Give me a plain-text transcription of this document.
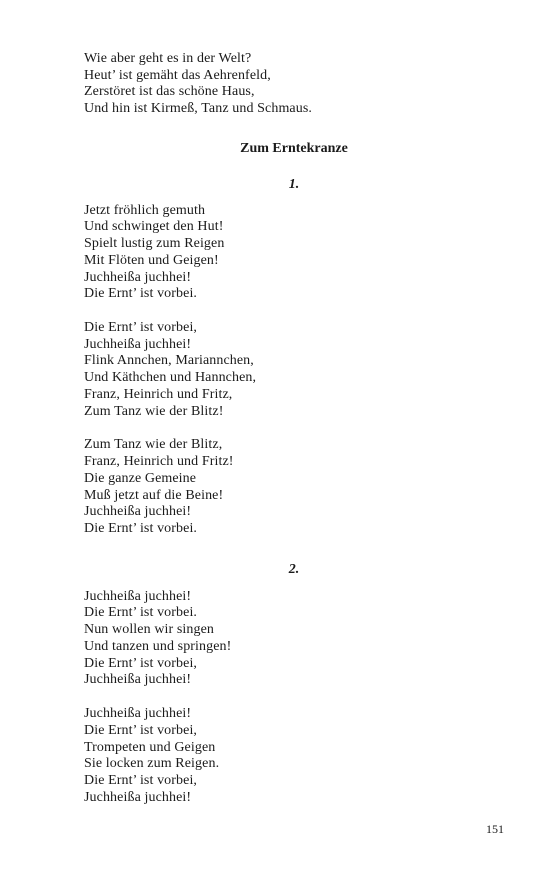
Wie aber geht es in der Welt?
Heut’ ist gemäht das Aehrenfeld,
Zerstöret ist das schöne Haus,
Und hin ist Kirmeß, Tanz und Schmaus.
Zum Erntekranze
1.
Jetzt fröhlich gemuth
Und schwinget den Hut!
Spielt lustig zum Reigen
Mit Flöten und Geigen!
Juchheißa juchhei!
Die Ernt’ ist vorbei.
Die Ernt’ ist vorbei,
Juchheißa juchhei!
Flink Annchen, Mariannchen,
Und Käthchen und Hannchen,
Franz, Heinrich und Fritz,
Zum Tanz wie der Blitz!
Zum Tanz wie der Blitz,
Franz, Heinrich und Fritz!
Die ganze Gemeine
Muß jetzt auf die Beine!
Juchheißa juchhei!
Die Ernt’ ist vorbei.
2.
Juchheißa juchhei!
Die Ernt’ ist vorbei.
Nun wollen wir singen
Und tanzen und springen!
Die Ernt’ ist vorbei,
Juchheißa juchhei!
Juchheißa juchhei!
Die Ernt’ ist vorbei,
Trompeten und Geigen
Sie locken zum Reigen.
Die Ernt’ ist vorbei,
Juchheißa juchhei!
151
